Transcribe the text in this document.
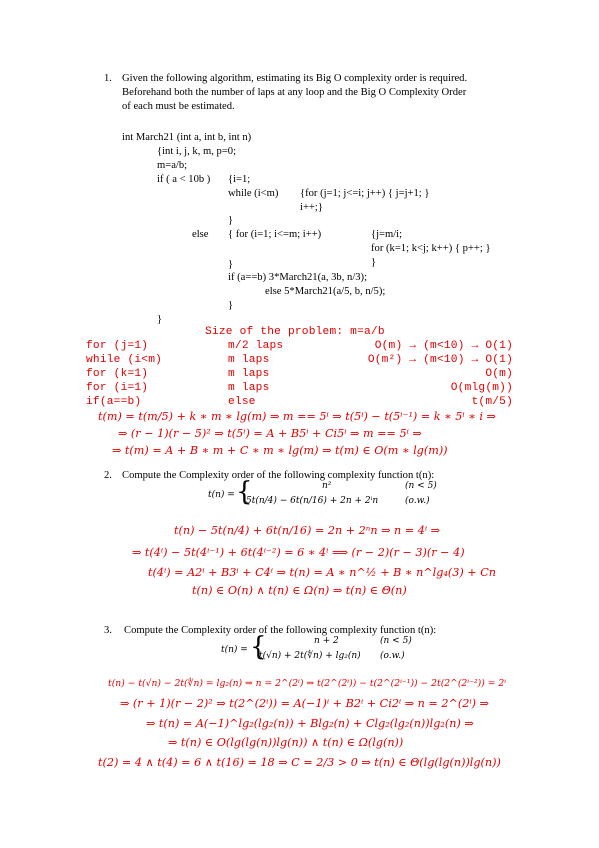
1. Given the following algorithm, estimating its Big O complexity order is required.
Beforehand both the number of laps at any loop and the Big O Complexity Order
of each must be estimated.
int March21 (int a, int b, int n)
{int i, j, k, m, p=0;
m=a/b;
if ( a < 10b ) {i=1;
while (i<m) {for (j=1; j<=i; j++) { j=j+1; }
i++;}
}
else { for (i=1; i<=m; i++)	{j=m/i;
for (k=1; k<j; k++) { p++; }
}
}
if (a==b) 3*March21(a, 3b, n/3);
else 5*March21(a/5, b, n/5);
}
}
Size of the problem: m=a/b
for (j=1)	m/2 laps	O(m) → (m<10) → O(1)
while (i<m)	m laps	O(m²) → (m<10) → O(1)
for (k=1)	m laps	O(m)
for (i=1)	m laps	O(mlg(m))
if(a==b)	else	t(m/5)
t(m) = t(m/5) + k ∗ m ∗ lg(m) ⇒ m == 5ⁱ ⇒ t(5ⁱ) − t(5ⁱ⁻¹) = k ∗ 5ⁱ ∗ i ⇒
⇒ (r − 1)(r − 5)² ⇒ t(5ⁱ) = A + B5ⁱ + Ci5ⁱ ⇒ m == 5ⁱ ⇒
⇒ t(m) = A + B ∗ m + C ∗ m ∗ lg(m) ⇒ t(m) ∈ O(m ∗ lg(m))
2. Compute the Complexity order of the following complexity function t(n):
t(n) = {	n²	(n < 5)
5t(n/4) − 6t(n/16) + 2n + 2ⁱn	(o.w.)
t(n) − 5t(n/4) + 6t(n/16) = 2n + 2ⁿn ⇒ n = 4ⁱ ⇒
⇒ t(4ⁱ) − 5t(4ⁱ⁻¹) + 6t(4ⁱ⁻²) = 6 ∗ 4ⁱ ⟹ (r − 2)(r − 3)(r − 4)
t(4ⁱ) = A2ⁱ + B3ⁱ + C4ⁱ ⇒ t(n) = A ∗ n^½ + B ∗ n^lg₄(3) + Cn
t(n) ∈ O(n) ∧ t(n) ∈ Ω(n) ⇒ t(n) ∈ Θ(n)
3. Compute the Complexity order of the following complexity function t(n):
t(n) = {	n + 2	(n < 5)
t(√n) + 2t(∜n) + lg₂(n) (o.w.)
t(n) − t(√n) − 2t(∜n) = lg₂(n) ⇒ n = 2^(2ⁱ) ⇒ t(2^(2ⁱ)) − t(2^(2ⁱ⁻¹)) − 2t(2^(2ⁱ⁻²)) = 2ⁱ
⇒ (r + 1)(r − 2)² ⇒ t(2^(2ⁱ)) = A(−1)ⁱ + B2ⁱ + Ci2ⁱ ⇒ n = 2^(2ⁱ) ⇒
⇒ t(n) = A(−1)^lg₂(lg₂(n)) + Blg₂(n) + Clg₂(lg₂(n))lg₂(n) ⇒
⇒ t(n) ∈ O(lg(lg(n))lg(n)) ∧ t(n) ∈ Ω(lg(n))
t(2) = 4 ∧ t(4) = 6 ∧ t(16) = 18 ⇒ C = 2/3 > 0 ⇒ t(n) ∈ Θ(lg(lg(n))lg(n))
